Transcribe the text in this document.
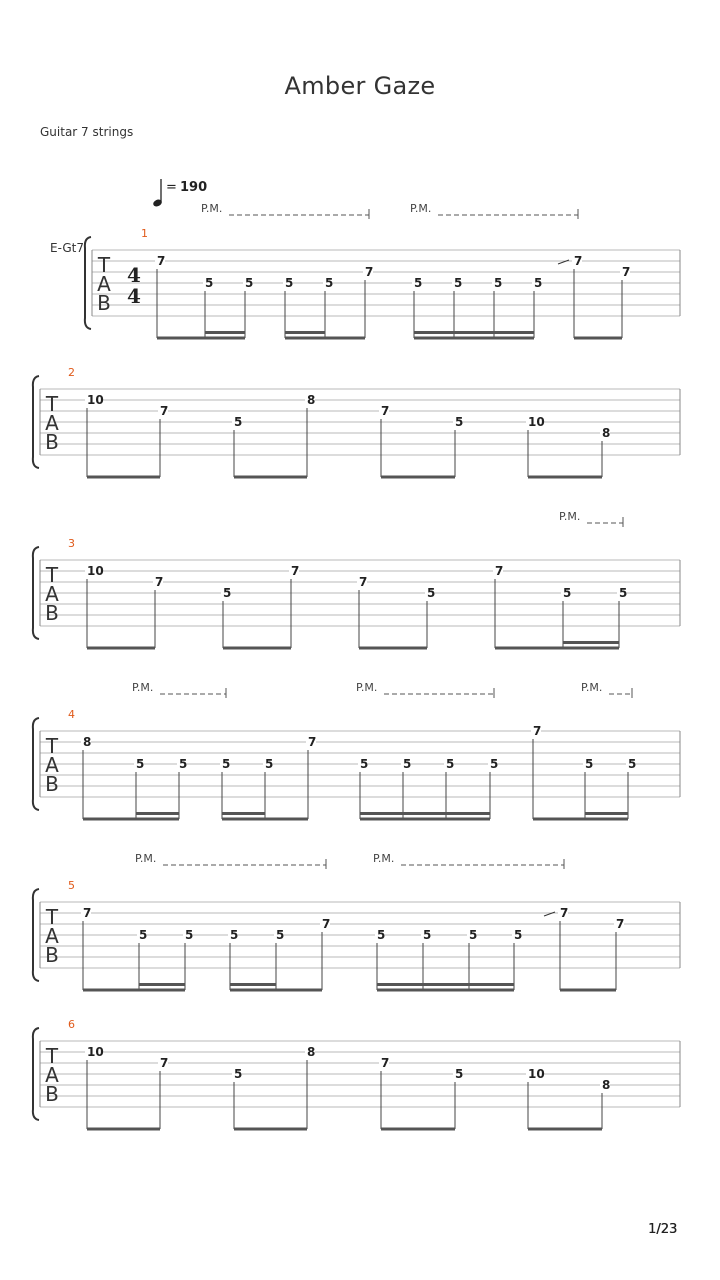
Amber Gaze
Guitar 7 strings
= 190
E-Gt7
T
A
B
4
4
1
7
5	5	5	5
7
5	5	5	5
7
7
P.M.	P.M.
T
A
B
2
10
7
5
8
7
5	10
8
T
A
B
3
10
7
5
7
7
5
7
5	5
P.M.
T
A
B
4
8
5	5	5	5
7
5	5	5	5
7
5	5
P.M.	P.M.	P.M.
T
A
B
5
7
5	5	5	5
7
5	5	5	5
7
7
P.M.	P.M.
T
A
B
6
10
7
5
8
7
5	10
8
1/23
